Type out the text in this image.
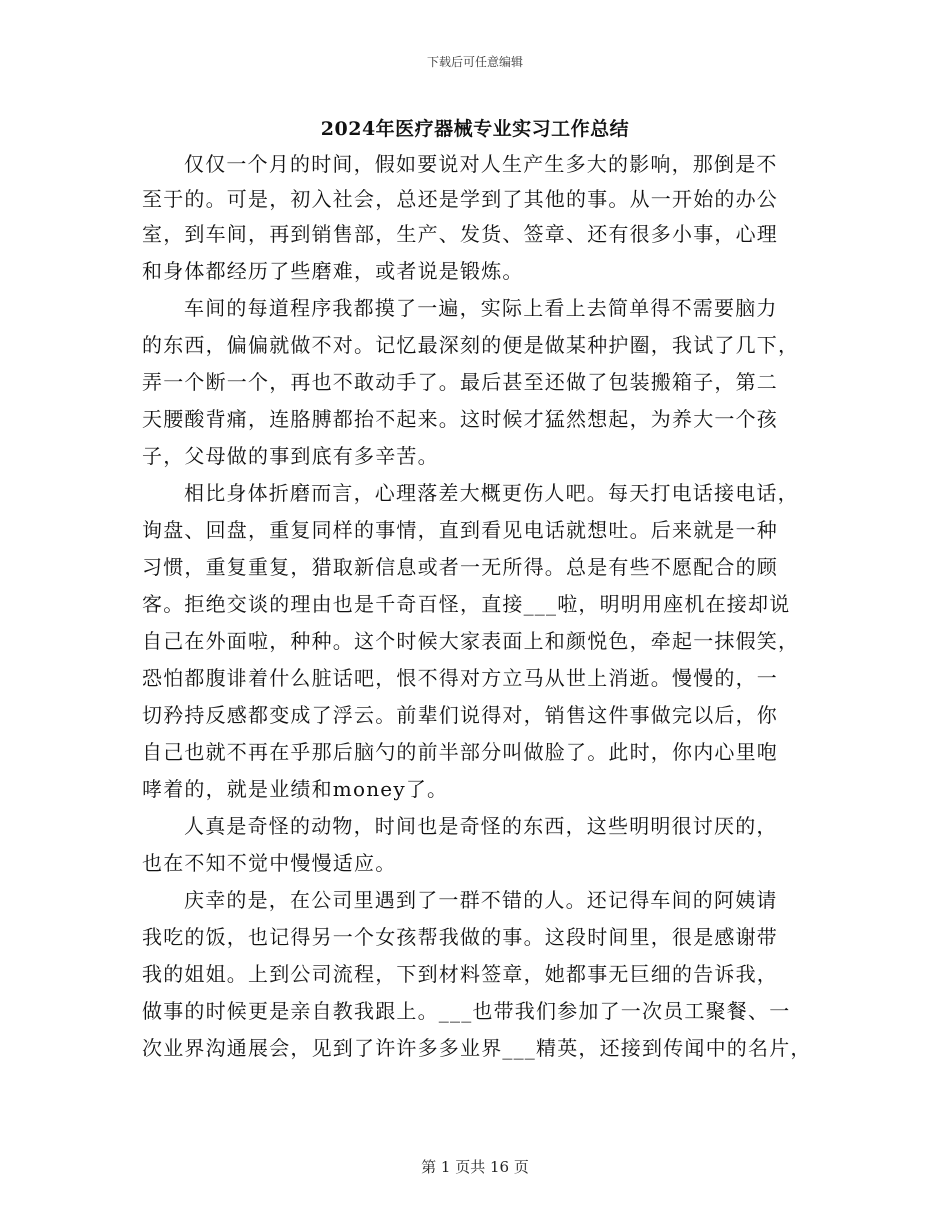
下载后可任意编辑
2024年医疗器械专业实习工作总结
仅仅一个月的时间，假如要说对人生产生多大的影响，那倒是不
至于的。可是，初入社会，总还是学到了其他的事。从一开始的办公
室，到车间，再到销售部，生产、发货、签章、还有很多小事，心理
和身体都经历了些磨难，或者说是锻炼。
车间的每道程序我都摸了一遍，实际上看上去简单得不需要脑力
的东西，偏偏就做不对。记忆最深刻的便是做某种护圈，我试了几下，
弄一个断一个，再也不敢动手了。最后甚至还做了包装搬箱子，第二
天腰酸背痛，连胳膊都抬不起来。这时候才猛然想起，为养大一个孩
子，父母做的事到底有多辛苦。
相比身体折磨而言，心理落差大概更伤人吧。每天打电话接电话，
询盘、回盘，重复同样的事情，直到看见电话就想吐。后来就是一种
习惯，重复重复，猎取新信息或者一无所得。总是有些不愿配合的顾
客。拒绝交谈的理由也是千奇百怪，直接___啦，明明用座机在接却说
自己在外面啦，种种。这个时候大家表面上和颜悦色，牵起一抹假笑，
恐怕都腹诽着什么脏话吧，恨不得对方立马从世上消逝。慢慢的，一
切矜持反感都变成了浮云。前辈们说得对，销售这件事做完以后，你
自己也就不再在乎那后脑勺的前半部分叫做脸了。此时，你内心里咆
哮着的，就是业绩和money了。
人真是奇怪的动物，时间也是奇怪的东西，这些明明很讨厌的，
也在不知不觉中慢慢适应。
庆幸的是，在公司里遇到了一群不错的人。还记得车间的阿姨请
我吃的饭，也记得另一个女孩帮我做的事。这段时间里，很是感谢带
我的姐姐。上到公司流程，下到材料签章，她都事无巨细的告诉我，
做事的时候更是亲自教我跟上。___也带我们参加了一次员工聚餐、一
次业界沟通展会，见到了许许多多业界___精英，还接到传闻中的名片，
第 1 页共 16 页
